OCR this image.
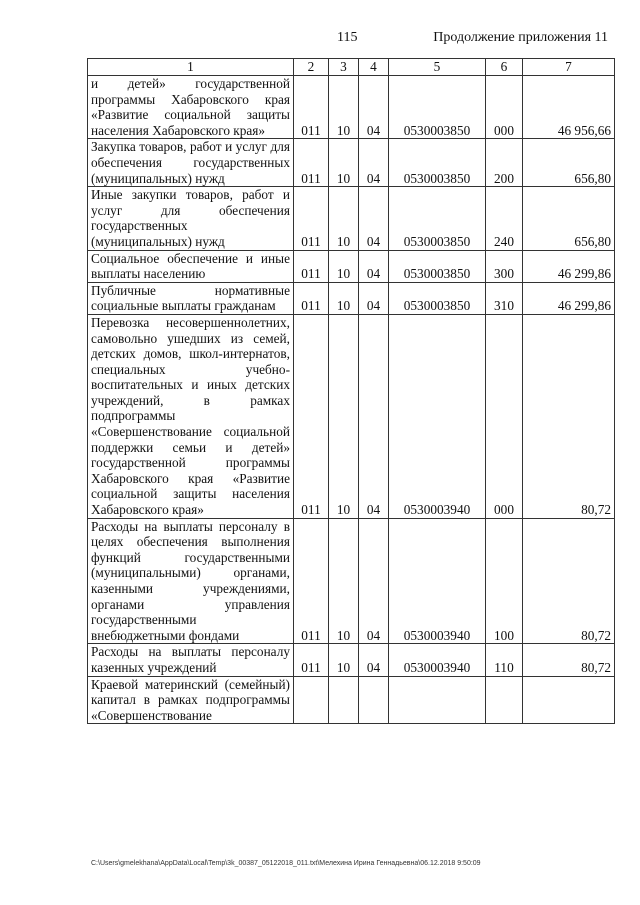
115	Продолжение приложения 11
1	2	3	4	5	6	7
и детей» государственной программы Хабаровского края «Развитие социальной защиты населения Хабаровского края»	011	10	04	0530003850	000	46 956,66
Закупка товаров, работ и услуг для обеспечения государственных (муниципальных) нужд	011	10	04	0530003850	200	656,80
Иные закупки товаров, работ и услуг для обеспечения государственных (муниципальных) нужд	011	10	04	0530003850	240	656,80
Социальное обеспечение и иные выплаты населению	011	10	04	0530003850	300	46 299,86
Публичные нормативные социальные выплаты гражданам	011	10	04	0530003850	310	46 299,86
Перевозка несовершеннолетних, самовольно ушедших из семей, детских домов, школ-интернатов, специальных учебно-воспитательных и иных детских учреждений, в рамках подпрограммы «Совершенствование социальной поддержки семьи и детей» государственной программы Хабаровского края «Развитие социальной защиты населения Хабаровского края»	011	10	04	0530003940	000	80,72
Расходы на выплаты персоналу в целях обеспечения выполнения функций государственными (муниципальными) органами, казенными учреждениями, органами управления государственными внебюджетными фондами	011	10	04	0530003940	100	80,72
Расходы на выплаты персоналу казенных учреждений	011	10	04	0530003940	110	80,72
Краевой материнский (семейный) капитал в рамках подпрограммы «Совершенствование						
C:\Users\gmelekhana\AppData\Local\Temp\3k_00387_05122018_011.txt\Мелехина Ирина Геннадьевна\06.12.2018 9:50:09
